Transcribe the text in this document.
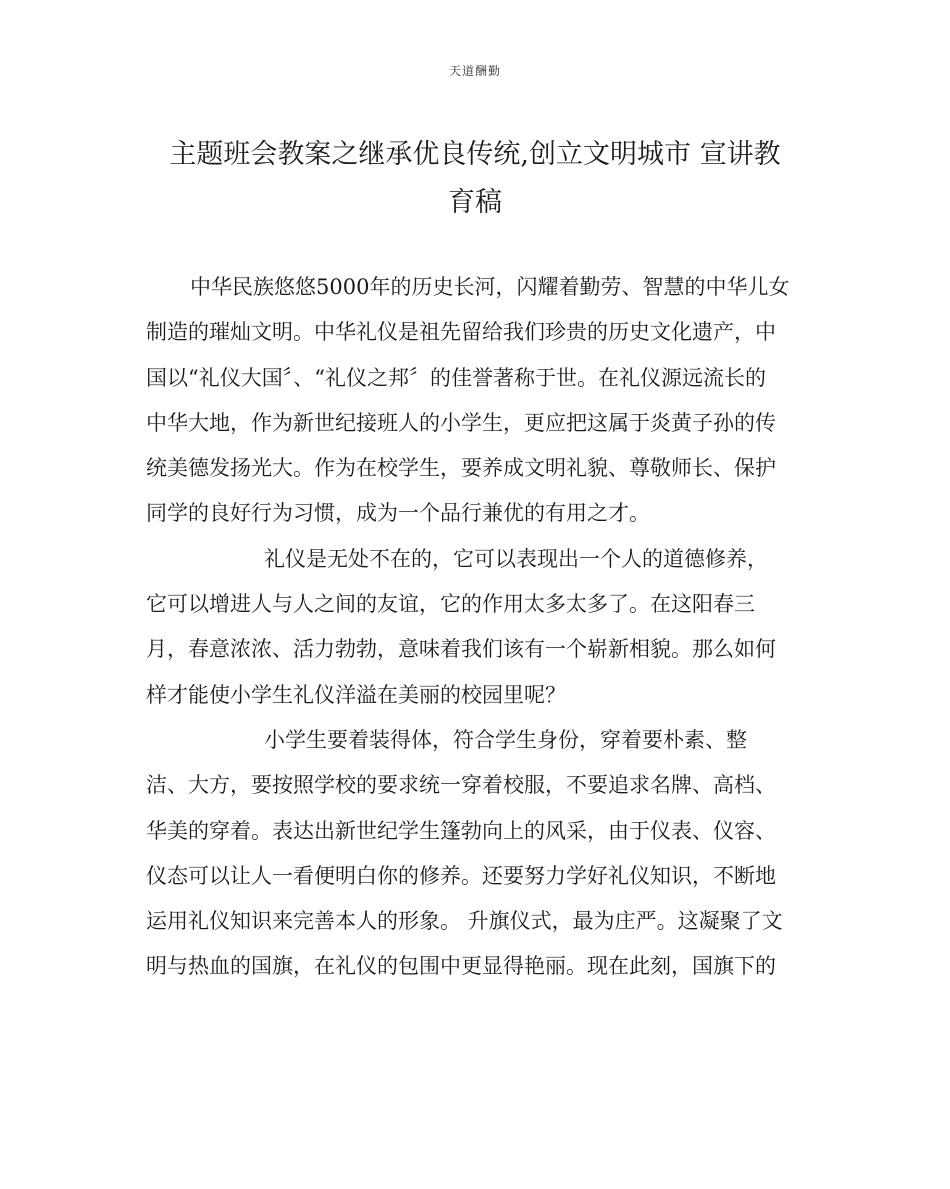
天道酬勤
主题班会教案之继承优良传统,创立文明城市 宣讲教
育稿
中华民族悠悠5000年的历史长河，闪耀着勤劳、智慧的中华儿女
制造的璀灿文明。中华礼仪是祖先留给我们珍贵的历史文化遗产，中
国以“礼仪大国〞、“礼仪之邦〞的佳誉著称于世。在礼仪源远流长的
中华大地，作为新世纪接班人的小学生，更应把这属于炎黄子孙的传
统美德发扬光大。作为在校学生，要养成文明礼貌、尊敬师长、保护
同学的良好行为习惯，成为一个品行兼优的有用之才。
礼仪是无处不在的，它可以表现出一个人的道德修养，
它可以增进人与人之间的友谊，它的作用太多太多了。在这阳春三
月，春意浓浓、活力勃勃，意味着我们该有一个崭新相貌。那么如何
样才能使小学生礼仪洋溢在美丽的校园里呢？
小学生要着装得体，符合学生身份，穿着要朴素、整
洁、大方，要按照学校的要求统一穿着校服，不要追求名牌、高档、
华美的穿着。表达出新世纪学生篷勃向上的风采，由于仪表、仪容、
仪态可以让人一看便明白你的修养。还要努力学好礼仪知识，不断地
运用礼仪知识来完善本人的形象。 升旗仪式，最为庄严。这凝聚了文
明与热血的国旗，在礼仪的包围中更显得艳丽。现在此刻，国旗下的
